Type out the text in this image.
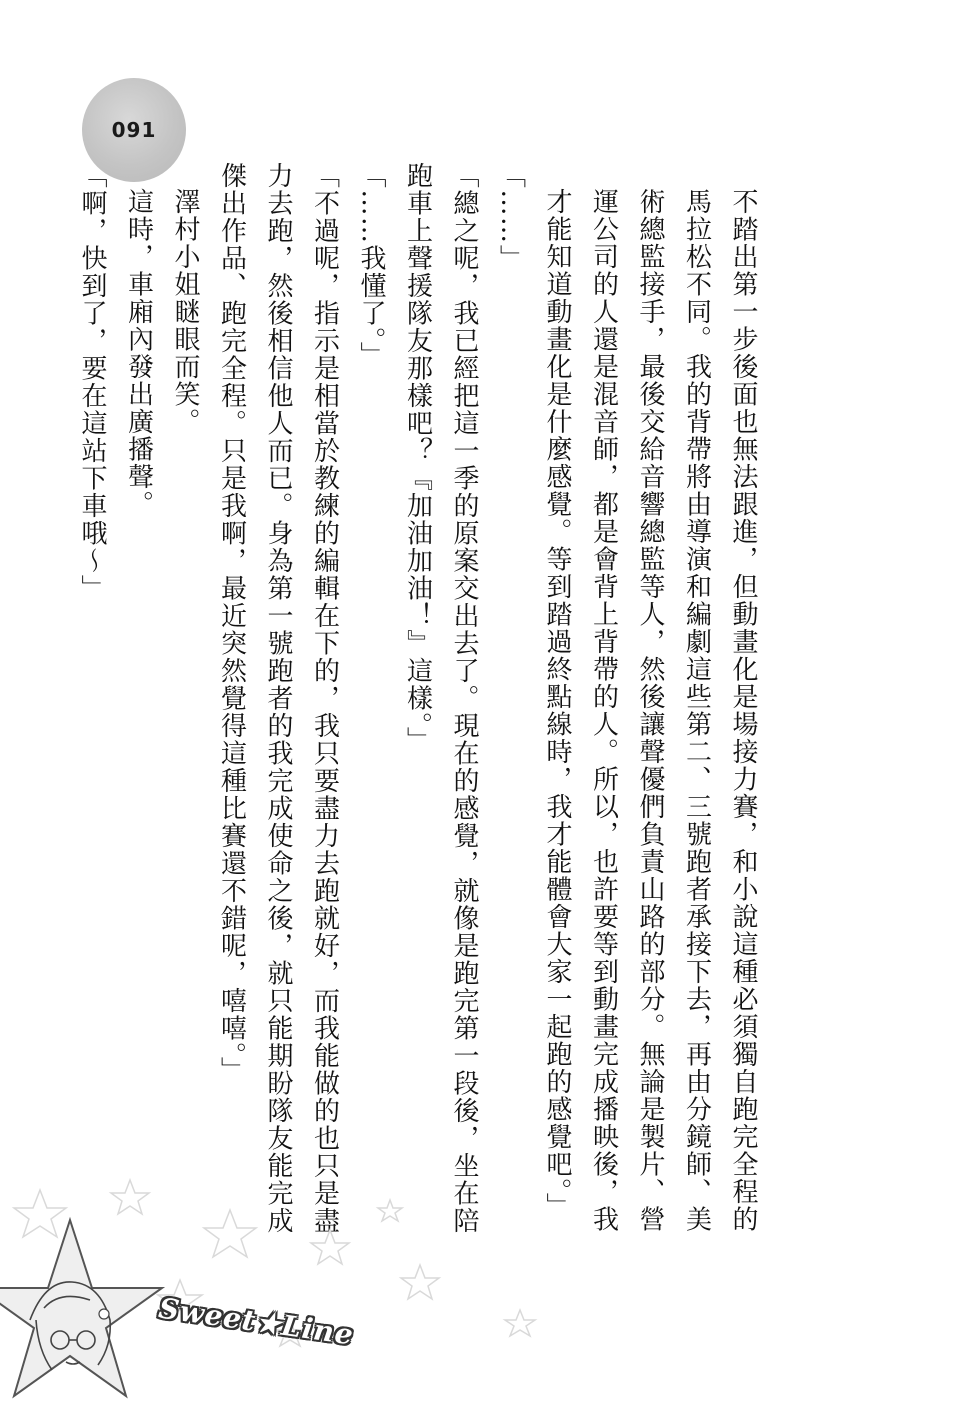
091

不踏出第一步後面也無法跟進，但動畫化是場接力賽，和小說這種必須獨自跑完全程的馬拉松不同。我的背帶將由導演和編劇這些第二、三號跑者承接下去，再由分鏡師、美術總監接手，最後交給音響總監等人，然後讓聲優們負責山路的部分。無論是製片、營運公司的人還是混音師，都是會背上背帶的人。所以，也許要等到動畫完成播映後，我才能知道動畫化是什麼感覺。等到踏過終點線時，我才能體會大家一起跑的感覺吧。」

「……」

「總之呢，我已經把這一季的原案交出去了。現在的感覺，就像是跑完第一段後，坐在陪跑車上聲援隊友那樣吧？『加油加油！』這樣。」

「……我懂了。」

「不過呢，指示是相當於教練的編輯在下的，我只要盡力去跑就好，而我能做的也只是盡力去跑，然後相信他人而已。身為第一號跑者的我完成使命之後，就只能期盼隊友能完成傑出作品、跑完全程。只是我啊，最近突然覺得這種比賽還不錯呢，嘻嘻。」

澤村小姐瞇眼而笑。

這時，車廂內發出廣播聲。

「啊，快到了，要在這站下車哦～」

Sweet★Line
